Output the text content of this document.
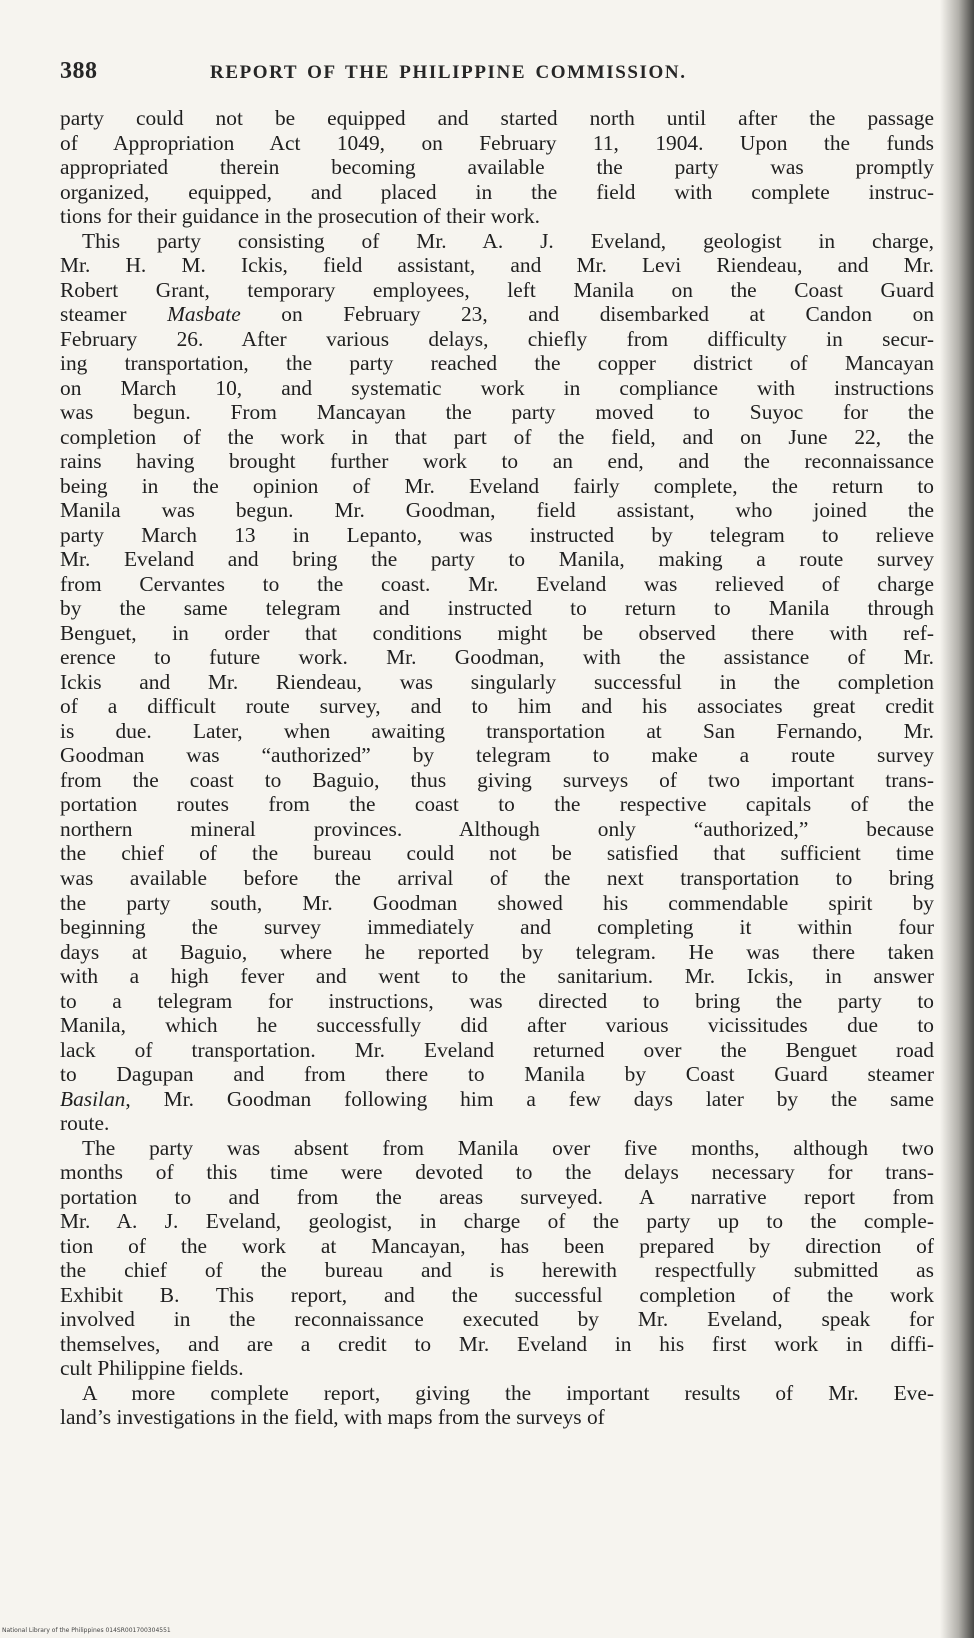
388	REPORT OF THE PHILIPPINE COMMISSION.
party could not be equipped and started north until after the passage
of Appropriation Act 1049, on February 11, 1904. Upon the funds
appropriated therein becoming available the party was promptly
organized, equipped, and placed in the field with complete instruc-
tions for their guidance in the prosecution of their work.
This party consisting of Mr. A. J. Eveland, geologist in charge,
Mr. H. M. Ickis, field assistant, and Mr. Levi Riendeau, and Mr.
Robert Grant, temporary employees, left Manila on the Coast Guard
steamer Masbate on February 23, and disembarked at Candon on
February 26. After various delays, chiefly from difficulty in secur-
ing transportation, the party reached the copper district of Mancayan
on March 10, and systematic work in compliance with instructions
was begun. From Mancayan the party moved to Suyoc for the
completion of the work in that part of the field, and on June 22, the
rains having brought further work to an end, and the reconnaissance
being in the opinion of Mr. Eveland fairly complete, the return to
Manila was begun. Mr. Goodman, field assistant, who joined the
party March 13 in Lepanto, was instructed by telegram to relieve
Mr. Eveland and bring the party to Manila, making a route survey
from Cervantes to the coast. Mr. Eveland was relieved of charge
by the same telegram and instructed to return to Manila through
Benguet, in order that conditions might be observed there with ref-
erence to future work. Mr. Goodman, with the assistance of Mr.
Ickis and Mr. Riendeau, was singularly successful in the completion
of a difficult route survey, and to him and his associates great credit
is due. Later, when awaiting transportation at San Fernando, Mr.
Goodman was “authorized” by telegram to make a route survey
from the coast to Baguio, thus giving surveys of two important trans-
portation routes from the coast to the respective capitals of the
northern mineral provinces. Although only “authorized,” because
the chief of the bureau could not be satisfied that sufficient time
was available before the arrival of the next transportation to bring
the party south, Mr. Goodman showed his commendable spirit by
beginning the survey immediately and completing it within four
days at Baguio, where he reported by telegram. He was there taken
with a high fever and went to the sanitarium. Mr. Ickis, in answer
to a telegram for instructions, was directed to bring the party to
Manila, which he successfully did after various vicissitudes due to
lack of transportation. Mr. Eveland returned over the Benguet road
to Dagupan and from there to Manila by Coast Guard steamer
Basilan, Mr. Goodman following him a few days later by the same
route.
The party was absent from Manila over five months, although two
months of this time were devoted to the delays necessary for trans-
portation to and from the areas surveyed. A narrative report from
Mr. A. J. Eveland, geologist, in charge of the party up to the comple-
tion of the work at Mancayan, has been prepared by direction of
the chief of the bureau and is herewith respectfully submitted as
Exhibit B. This report, and the successful completion of the work
involved in the reconnaissance executed by Mr. Eveland, speak for
themselves, and are a credit to Mr. Eveland in his first work in diffi-
cult Philippine fields.
A more complete report, giving the important results of Mr. Eve-
land’s investigations in the field, with maps from the surveys of
National Library of the Philippines 014SR001700304551
